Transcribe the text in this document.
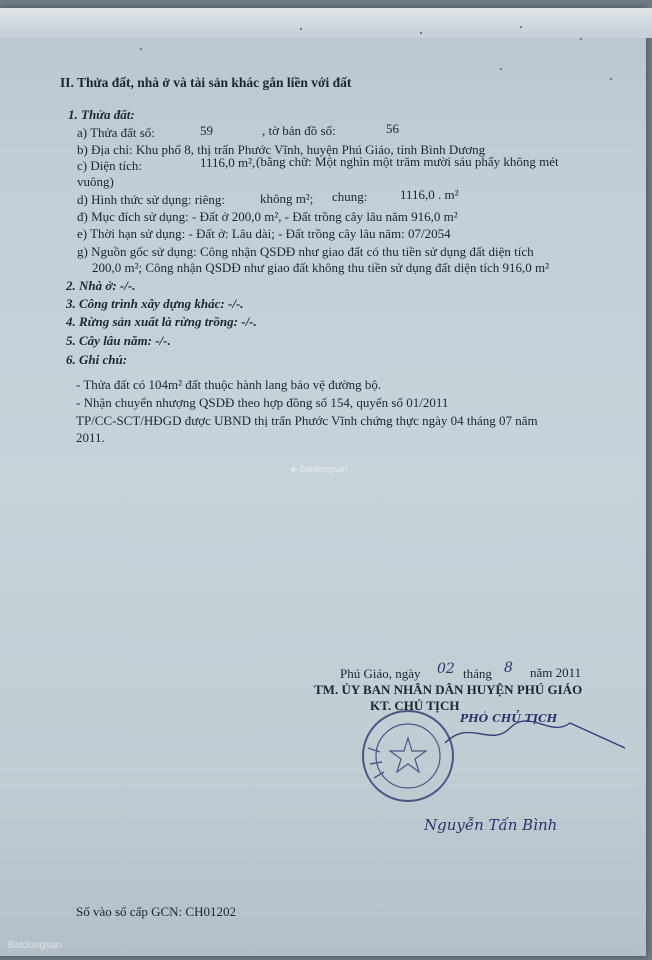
II. Thửa đất, nhà ở và tài sản khác gắn liền với đất
1. Thửa đất:
a) Thửa đất số:	59	, tờ bản đồ số:	56
b) Địa chỉ: Khu phố 8, thị trấn Phước Vĩnh, huyện Phú Giáo, tỉnh Bình Dương
c) Diện tích:	1116,0 m², (bằng chữ: Một nghìn một trăm mười sáu phẩy không mét
vuông)
d) Hình thức sử dụng: riêng:	không m²; chung:	1116,0 . m²
đ) Mục đích sử dụng: - Đất ở 200,0 m², - Đất trồng cây lâu năm 916,0 m²
e) Thời hạn sử dụng: - Đất ở: Lâu dài; - Đất trồng cây lâu năm: 07/2054
g) Nguồn gốc sử dụng: Công nhận QSDĐ như giao đất có thu tiền sử dụng đất diện tích
200,0 m²; Công nhận QSDĐ như giao đất không thu tiền sử dụng đất diện tích 916,0 m²
2. Nhà ở: -/-.
3. Công trình xây dựng khác: -/-.
4. Rừng sản xuất là rừng trồng: -/-.
5. Cây lâu năm: -/-.
6. Ghi chú:
- Thửa đất có 104m² đất thuộc hành lang bảo vệ đường bộ.
- Nhận chuyển nhượng QSDĐ theo hợp đồng số 154, quyển số 01/2011
TP/CC-SCT/HĐGD được UBND thị trấn Phước Vĩnh chứng thực ngày 04 tháng 07 năm
2011.
◈ Batdongsan
Phú Giáo, ngày 02 tháng 8 năm 2011
TM. ỦY BAN NHÂN DÂN HUYỆN PHÚ GIÁO
KT. CHỦ TỊCH
PHÓ CHỦ TỊCH
Nguyễn Tấn Bình
Số vào sổ cấp GCN: CH01202
Batdongsan
